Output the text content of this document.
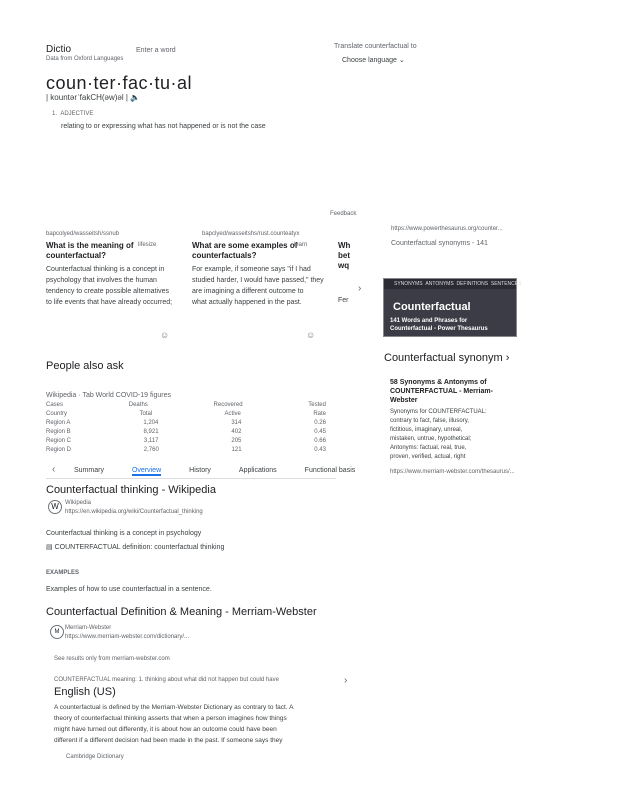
Dictio
Data from Oxford Languages
Enter a word
Translate counterfactual to
Choose language ⌄
coun·ter·fac·tu·al
| kountərˈfakCH(əw)əl | 🔈
1.  ADJECTIVE
relating to or expressing what has not happened or is not the case
Feedback
bapcolyed/wasseitsh/ssnub
What is the meaning of counterfactual?
lifesize
Counterfactual thinking is a concept in
psychology that involves the human
tendency to create possible alternatives
to life events that have already occurred;
☺
bapclyed/wasseitshs/rust.counteatyx
What are some examples of counterfactuals?
learn
For example, if someone says "if I had
studied harder, I would have passed," they
are imagining a different outcome to
what actually happened in the past.
☺
Wh bet wq
Fer
›
https://www.powerthesaurus.org/counter...
Counterfactual synonyms - 141
SYNONYMS ANTONYMS DEFINITIONS SENTENCES
Counterfactual
141 Words and Phrases for Counterfactual - Power Thesaurus
Counterfactual synonym ›
58 Synonyms & Antonyms of COUNTERFACTUAL - Merriam-Webster
Synonyms for COUNTERFACTUAL:
contrary to fact, false, illusory,
fictitious, imaginary, unreal,
mistaken, untrue, hypothetical;
Antonyms: factual, real, true,
proven, verified, actual, right
https://www.merriam-webster.com/thesaurus/...
People also ask
Wikipedia · Tab World COVID-19 figures
Cases	Deaths	Recovered	Tested
Country	Total	Active	Rate
Region A	1,204	314	0.26
Region B	8,921	402	0.45
Region C	3,117	205	0.66
Region D	2,760	121	0.43
‹	Summary	Overview	History	Applications	Functional basis
Counterfactual thinking - Wikipedia
W	Wikipedia
https://en.wikipedia.org/wiki/Counterfactual_thinking
Counterfactual thinking is a concept in psychology
▤ COUNTERFACTUAL definition: counterfactual thinking
EXAMPLES
Examples of how to use counterfactual in a sentence.
Counterfactual Definition & Meaning - Merriam-Webster
M
Merriam-Webster
https://www.merriam-webster.com/dictionary/...
See results only from merriam-webster.com
COUNTERFACTUAL meaning: 1. thinking about what did not happen but could have	›
English (US)
A counterfactual is defined by the Merriam-Webster Dictionary as contrary to fact. A
theory of counterfactual thinking asserts that when a person imagines how things
might have turned out differently, it is about how an outcome could have been
different if a different decision had been made in the past. If someone says they
Cambridge Dictionary
